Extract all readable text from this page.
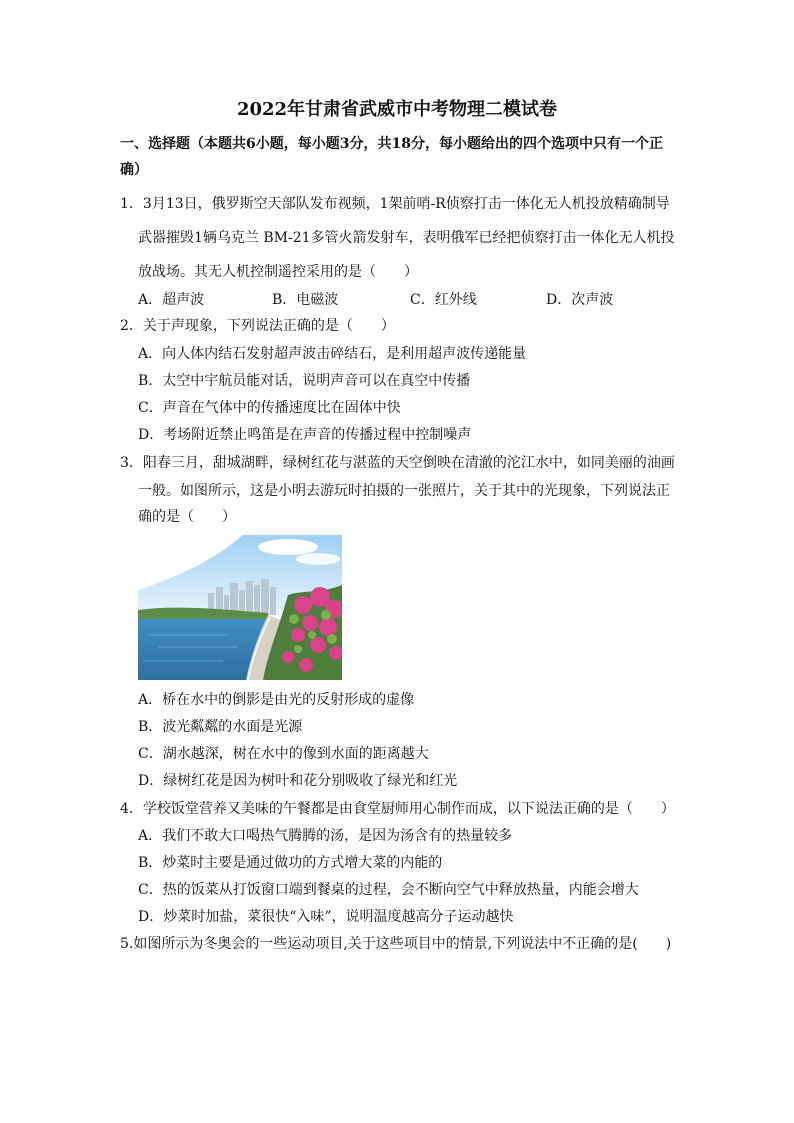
2022年甘肃省武威市中考物理二模试卷
一、选择题（本题共6小题，每小题3分，共18分，每小题给出的四个选项中只有一个正
确）
1．3月13日，俄罗斯空天部队发布视频，1架前哨-R侦察打击一体化无人机投放精确制导
武器摧毁1辆乌克兰 BM-21多管火箭发射车，表明俄军已经把侦察打击一体化无人机投
放战场。其无人机控制遥控采用的是（　　）
A．超声波	B．电磁波	C．红外线	D．次声波
2．关于声现象，下列说法正确的是（　　）
A．向人体内结石发射超声波击碎结石，是利用超声波传递能量
B．太空中宇航员能对话，说明声音可以在真空中传播
C．声音在气体中的传播速度比在固体中快
D．考场附近禁止鸣笛是在声音的传播过程中控制噪声
3．阳春三月，甜城湖畔，绿树红花与湛蓝的天空倒映在清澈的沱江水中，如同美丽的油画
一般。如图所示，这是小明去游玩时拍摄的一张照片，关于其中的光现象，下列说法正
确的是（　　）
A．桥在水中的倒影是由光的反射形成的虚像
B．波光粼粼的水面是光源
C．湖水越深，树在水中的像到水面的距离越大
D．绿树红花是因为树叶和花分别吸收了绿光和红光
4．学校饭堂营养又美味的午餐都是由食堂厨师用心制作而成，以下说法正确的是（　　）
A．我们不敢大口喝热气腾腾的汤，是因为汤含有的热量较多
B．炒菜时主要是通过做功的方式增大菜的内能的
C．热的饭菜从打饭窗口端到餐桌的过程，会不断向空气中释放热量，内能会增大
D．炒菜时加盐，菜很快“入味”，说明温度越高分子运动越快
5.如图所示为冬奥会的一些运动项目,关于这些项目中的情景,下列说法中不正确的是(　　)
